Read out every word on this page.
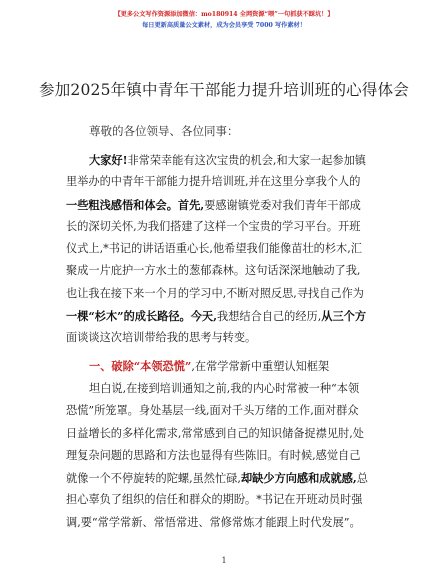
【更多公文写作资源添加微信：mo180914 全网资源“喂”一句抓获不踩坑！】
每日更新高质量公文素材，成为会员享受 7000 写作素材！
参加2025年镇中青年干部能力提升培训班的心得体会
尊敬的各位领导、各位同事：
大家好!非常荣幸能有这次宝贵的机会,和大家一起参加镇
里举办的中青年干部能力提升培训班,并在这里分享我个人的
一些粗浅感悟和体会。首先,要感谢镇党委对我们青年干部成
长的深切关怀,为我们搭建了这样一个宝贵的学习平台。开班
仪式上,*书记的讲话语重心长,他希望我们能像苗壮的杉木,汇
聚成一片庇护一方水土的葱郁森林。这句话深深地触动了我,
也让我在接下来一个月的学习中,不断对照反思,寻找自己作为
一棵“杉木”的成长路径。今天,我想结合自己的经历,从三个方
面谈谈这次培训带给我的思考与转变。
一、破除“本领恐慌”,在常学常新中重塑认知框架
坦白说,在接到培训通知之前,我的内心时常被一种“本领
恐慌”所笼罩。身处基层一线,面对千头万绪的工作,面对群众
日益增长的多样化需求,常常感到自己的知识储备捉襟见肘,处
理复杂问题的思路和方法也显得有些陈旧。有时候,感觉自己
就像一个不停旋转的陀螺,虽然忙碌,却缺少方向感和成就感,总
担心辜负了组织的信任和群众的期盼。*书记在开班动员时强
调,要“常学常新、常悟常进、常修常炼才能跟上时代发展”。
1
